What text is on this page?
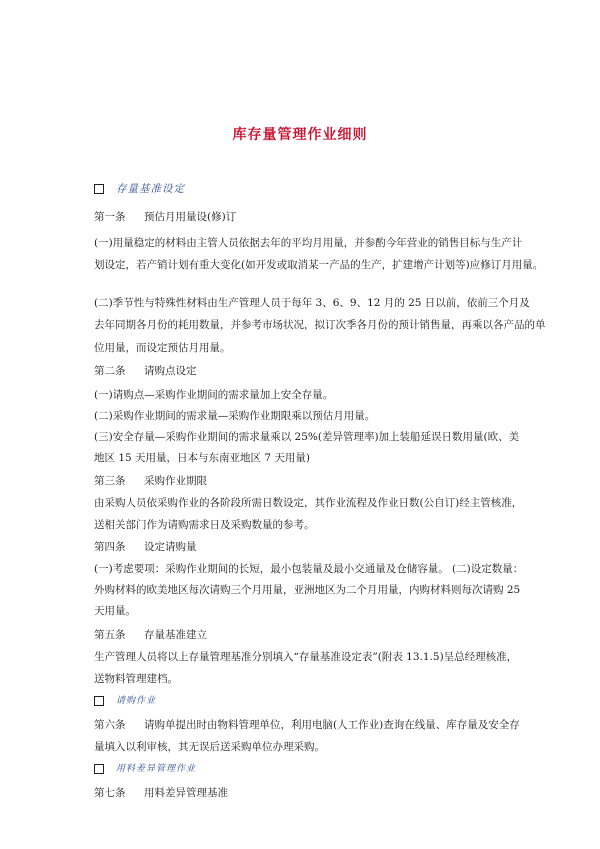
库存量管理作业细则
存量基准设定
第一条 预估月用量设(修)订
(一)用量稳定的材料由主管人员依据去年的平均月用量，并参酌今年营业的销售目标与生产计
划设定，若产销计划有重大变化(如开发或取消某一产品的生产，扩建增产计划等)应修订月用量。
(二)季节性与特殊性材料由生产管理人员于每年 3、6、9、12 月的 25 日以前，依前三个月及
去年同期各月份的耗用数量，并参考市场状况，拟订次季各月份的预计销售量，再乘以各产品的单
位用量，而设定预估月用量。
第二条 请购点设定
(一)请购点—采购作业期间的需求量加上安全存量。
(二)采购作业期间的需求量—采购作业期限乘以预估月用量。
(三)安全存量—采购作业期间的需求量乘以 25%(差异管理率)加上装船延误日数用量(欧、美
地区 15 天用量，日本与东南亚地区 7 天用量)
第三条 采购作业期限
由采购人员依采购作业的各阶段所需日数设定，其作业流程及作业日数(公自订)经主管核准，
送相关部门作为请购需求日及采购数量的参考。
第四条 设定请购量
(一)考虑要项：采购作业期间的长短，最小包装量及最小交通量及仓储容量。 (二)设定数量：
外购材料的欧美地区每次请购三个月用量，亚洲地区为二个月用量，内购材料则每次请购 25
天用量。
第五条 存量基准建立
生产管理人员将以上存量管理基准分别填入“存量基准设定表”(附表 13.1.5)呈总经理核准，
送物料管理建档。
请购作业
第六条 请购单提出时由物料管理单位，利用电脑(人工作业)查询在线量、库存量及安全存
量填入以利审核，其无误后送采购单位办理采购。
用料差异管理作业
第七条 用料差异管理基准
